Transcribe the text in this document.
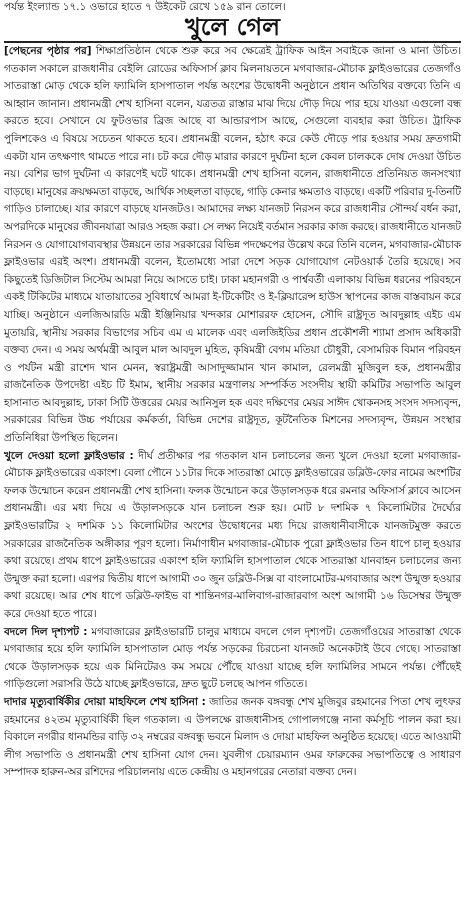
পর্যন্ত ইংল্যান্ড ১৭.১ ওভারে হাতে ৭ উইকেট রেখে ১৫৯ রান তোলে।
খুলে গেল

[পেছনের পৃষ্ঠার পর] শিক্ষাপ্রতিষ্ঠান থেকে শুরু করে সব ক্ষেত্রেই ট্রাফিক আইন সবাইকে জানা ও মানা উচিত। গতকাল সকালে রাজধানীর বেইলি রোডের অফিসার্স ক্লাব মিলনায়তনে মগবাজার-মৌচাক ফ্লাইওভারের তেজগাঁও সাতরাস্তা মোড় থেকে হলি ফ্যামিলি হাসপাতাল পর্যন্ত অংশের উদ্বোধনী অনুষ্ঠানে প্রধান অতিথির বক্তব্যে তিনি এ আহ্বান জানান। প্রধানমন্ত্রী শেখ হাসিনা বলেন, যত্রতত্র রাস্তার মাঝ দিয়ে দৌড় দিয়ে পার হয়ে যাওয়া এগুলো বন্ধ করতে হবে। সেখানে যে ফুটওভার ব্রিজ আছে বা আন্ডারপাস আছে, সেগুলো ব্যবহার করা উচিত। ট্রাফিক পুলিশকেও এ বিষয়ে সচেতন থাকতে হবে। প্রধানমন্ত্রী বলেন, হঠাৎ করে কেউ দৌড়ে পার হওয়ার সময় দ্রুতগামী একটা যান তৎক্ষণাৎ থামতে পারে না। চট করে দৌড় মারার কারণে দুর্ঘটনা হলে কেবল চালককে দোষ দেওয়া উচিত নয়। বেশির ভাগ দুর্ঘটনা এ কারণেই ঘটে থাকে। প্রধানমন্ত্রী শেখ হাসিনা বলেন, রাজধানীতে প্রতিনিয়ত জনসংখ্যা বাড়ছে। মানুষের ক্রয়ক্ষমতা বাড়ছে, আর্থিক সচ্ছলতা বাড়ছে, গাড়ি কেনার ক্ষমতাও বাড়ছে। একটি পরিবার দু-তিনটি গাড়িও চালাচ্ছে। যার কারণে বাড়ছে যানজটও। আমাদের লক্ষ্য যানজট নিরসন করে রাজধানীর সৌন্দর্য বর্ধন করা, অপরদিকে মানুষের জীবনযাত্রা আরও সহজ করা। সে লক্ষ্য নিয়েই বর্তমান সরকার কাজ করছে। রাজধানীতে যানজট নিরসন ও যোগাযোগব্যবস্থার উন্নয়নে তার সরকারের বিভিন্ন পদক্ষেপের উল্লেখ করে তিনি বলেন, মগবাজার-মৌচাক ফ্লাইওভার এরই অংশ। প্রধানমন্ত্রী বলেন, ইতোমধ্যে সারা দেশে সড়ক যোগাযোগ নেটওয়ার্ক তৈরি হয়েছে। সব কিছুতেই ডিজিটাল সিস্টেম আমরা নিয়ে আসতে চাই। ঢাকা মহানগরী ও পার্শ্ববর্তী এলাকায় বিভিন্ন ধরনের পরিবহনে একই টিকিটের মাধ্যমে যাতায়াতের সুবিধার্থে আমরা ই-টিকেটিং ও ই-ক্লিয়ারেন্স হাউস স্থাপনের কাজ বাস্তবায়ন করে যাচ্ছি। অনুষ্ঠানে এলজিআরডি মন্ত্রী ইঞ্জিনিয়ার খন্দকার মোশাররফ হোসেন, সৌদি রাষ্ট্রদূত আবদুল্লাহ এইচ এম মুতায়রি, স্থানীয় সরকার বিভাগের সচিব এম এ মালেক এবং এলজিইডির প্রধান প্রকৌশলী শ্যামা প্রসাদ অধিকারী বক্তব্য দেন। এ সময় অর্থমন্ত্রী আবুল মাল আবদুল মুহিত, কৃষিমন্ত্রী বেগম মতিয়া চৌধুরী, বেসামরিক বিমান পরিবহন ও পর্যটন মন্ত্রী রাশেদ খান মেনন, স্বরাষ্ট্রমন্ত্রী আসাদুজ্জামান খান কামাল, রেলমন্ত্রী মুজিবুল হক, প্রধানমন্ত্রীর রাজনৈতিক উপদেষ্টা এইচ টি ইমাম, স্থানীয় সরকার মন্ত্রণালয় সম্পর্কিত সংসদীয় স্থায়ী কমিটির সভাপতি আবুল হাসানাত আবদুল্লাহ, ঢাকা সিটি উত্তরের মেয়র আনিসুল হক এবং দক্ষিণের মেয়র সাঈদ খোকনসহ সংসদ সদস্যবৃন্দ, সরকারের বিভিন্ন উচ্চ পর্যায়ের কর্মকর্তা, বিভিন্ন দেশের রাষ্ট্রদূত, কূটনৈতিক মিশনের সদস্যবৃন্দ, উন্নয়ন সংস্থার প্রতিনিধিরা উপস্থিত ছিলেন।

খুলে দেওয়া হলো ফ্লাইওভার : দীর্ঘ প্রতীক্ষার পর গতকাল যান চলাচলের জন্য খুলে দেওয়া হলো মগবাজার-মৌচাক ফ্লাইওভারের একাংশ। বেলা পৌনে ১১টার দিকে সাতরাস্তা মোড়ে ফ্লাইওভারের ডব্লিউ-ফোর নামের অংশটির ফলক উন্মোচন করেন প্রধানমন্ত্রী শেখ হাসিনা। ফলক উন্মোচন করে উড়ালসড়ক ধরে রমনার অফিসার্স ক্লাবে আসেন প্রধানমন্ত্রী। এর মধ্য দিয়ে এ উড়ালসড়কে যান চলাচল শুরু হয়। মোট ৮ দশমিক ৭ কিলোমিটার দৈর্ঘ্যের ফ্লাইওভারটির ২ দশমিক ১১ কিলোমিটার অংশের উদ্বোধনের মধ্য দিয়ে রাজধানীবাসীকে যানজটমুক্ত করতে সরকারের রাজনৈতিক অঙ্গীকার পূরণ হলো। নির্মাণাধীন মগবাজার-মৌচাক পুরো ফ্লাইওভার তিন ধাপে চালু হওয়ার কথা রয়েছে। প্রথম ধাপে ফ্লাইওভারের একাংশ হলি ফ্যামিলি হাসপাতাল থেকে সাতরাস্তা যানবাহন চলাচলের জন্য উন্মুক্ত করা হলো। এরপর দ্বিতীয় ধাপে আগামী ৩০ জুন ডব্লিউ-সিক্স বা বাংলামোটর-মগবাজার অংশ উন্মুক্ত হওয়ার কথা রয়েছে। আর শেষ ধাপে ডব্লিউ-ফাইভ বা শান্তিনগর-মালিবাগ-রাজারবাগ অংশ আগামী ১৬ ডিসেম্বর উন্মুক্ত করে দেওয়া হতে পারে।

বদলে দিল দৃশ্যপট : মগবাজারের ফ্লাইওভারটি চালুর মাধ্যমে বদলে গেল দৃশ্যপট। তেজগাঁওয়ের সাতরাস্তা থেকে মগবাজার হয়ে হলি ফ্যামিলি হাসপাতাল মোড় পর্যন্ত সড়কের চিরচেনা যানজট অনেকটাই উবে গেছে। সাতরাস্তা থেকে উড়ালসড়ক হয়ে এক মিনিটেরও কম সময়ে পৌঁছে যাওয়া যাচ্ছে হলি ফ্যামিলির সামনে পর্যন্ত। পৌঁছেই গাড়িগুলো সরাসরি উঠে যাচ্ছে ফ্লাইওভারে, দ্রুত ছুটে চলছে আপন গতিতে।

দাদার মৃত্যুবার্ষিকীর দোয়া মাহফিলে শেখ হাসিনা : জাতির জনক বঙ্গবন্ধু শেখ মুজিবুর রহমানের পিতা শেখ লুৎফর রহমানের ৪২তম মৃত্যুবার্ষিকী ছিল গতকাল। এ উপলক্ষে রাজধানীসহ গোপালগঞ্জে নানা কর্মসূচি পালন করা হয়। বিকালে নগরীর ধানমন্ডির বাড়ি ৩২ নম্বরের বঙ্গবন্ধু ভবনে মিলাদ ও দোয়া মাহফিল অনুষ্ঠিত হয়েছে। এতে আওয়ামী লীগ সভাপতি ও প্রধানমন্ত্রী শেখ হাসিনা যোগ দেন। যুবলীগ চেয়ারম্যান ওমর ফারুকের সভাপতিত্বে ও সাধারণ সম্পাদক হারুন-অর রশিদের পরিচালনায় এতে কেন্দ্রীয় ও মহানগরের নেতারা বক্তব্য দেন।
